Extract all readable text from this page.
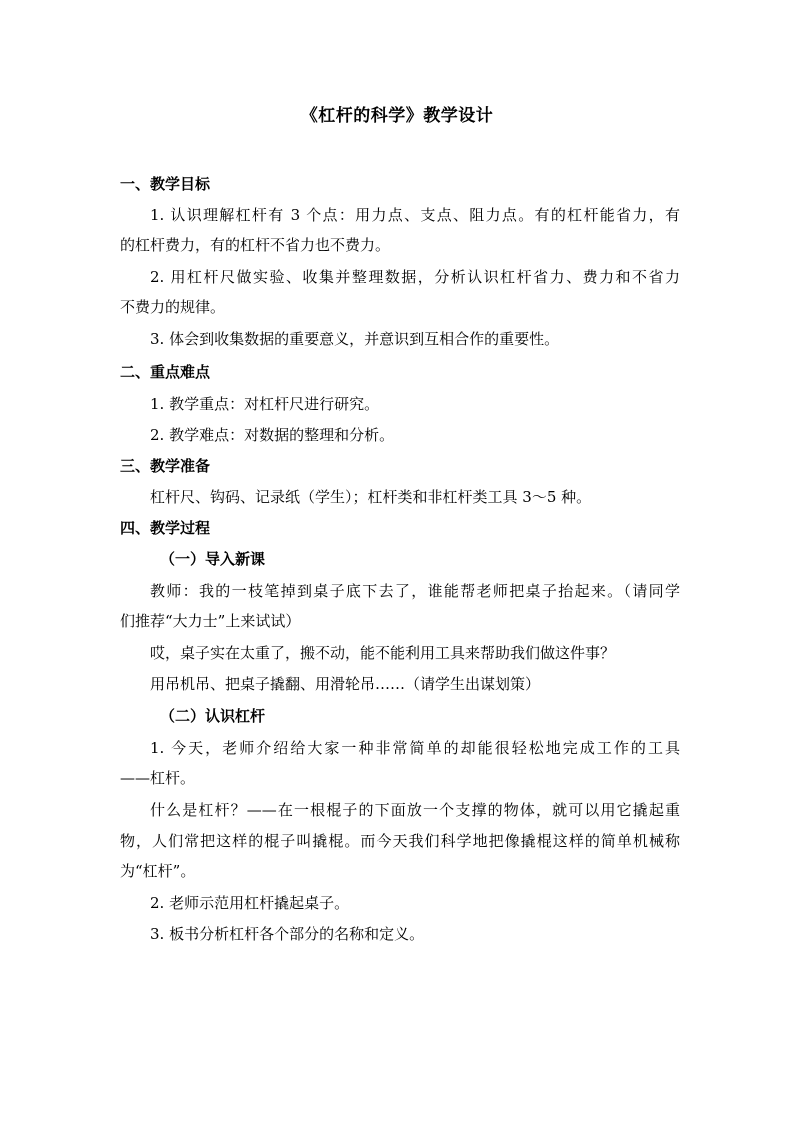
《杠杆的科学》教学设计
一、教学目标
1. 认识理解杠杆有 3 个点：用力点、支点、阻力点。有的杠杆能省力，有
的杠杆费力，有的杠杆不省力也不费力。
2. 用杠杆尺做实验、收集并整理数据，分析认识杠杆省力、费力和不省力
不费力的规律。
3. 体会到收集数据的重要意义，并意识到互相合作的重要性。
二、重点难点
1. 教学重点：对杠杆尺进行研究。
2. 教学难点：对数据的整理和分析。
三、教学准备
杠杆尺、钩码、记录纸（学生）；杠杆类和非杠杆类工具 3～5 种。
四、教学过程
（一）导入新课
教师：我的一枝笔掉到桌子底下去了，谁能帮老师把桌子抬起来。（请同学
们推荐“大力士”上来试试）
哎，桌子实在太重了，搬不动，能不能利用工具来帮助我们做这件事？
用吊机吊、把桌子撬翻、用滑轮吊……（请学生出谋划策）
（二）认识杠杆
1. 今天，老师介绍给大家一种非常简单的却能很轻松地完成工作的工具
——杠杆。
什么是杠杆？——在一根棍子的下面放一个支撑的物体，就可以用它撬起重
物，人们常把这样的棍子叫撬棍。而今天我们科学地把像撬棍这样的简单机械称
为“杠杆”。
2. 老师示范用杠杆撬起桌子。
3. 板书分析杠杆各个部分的名称和定义。
